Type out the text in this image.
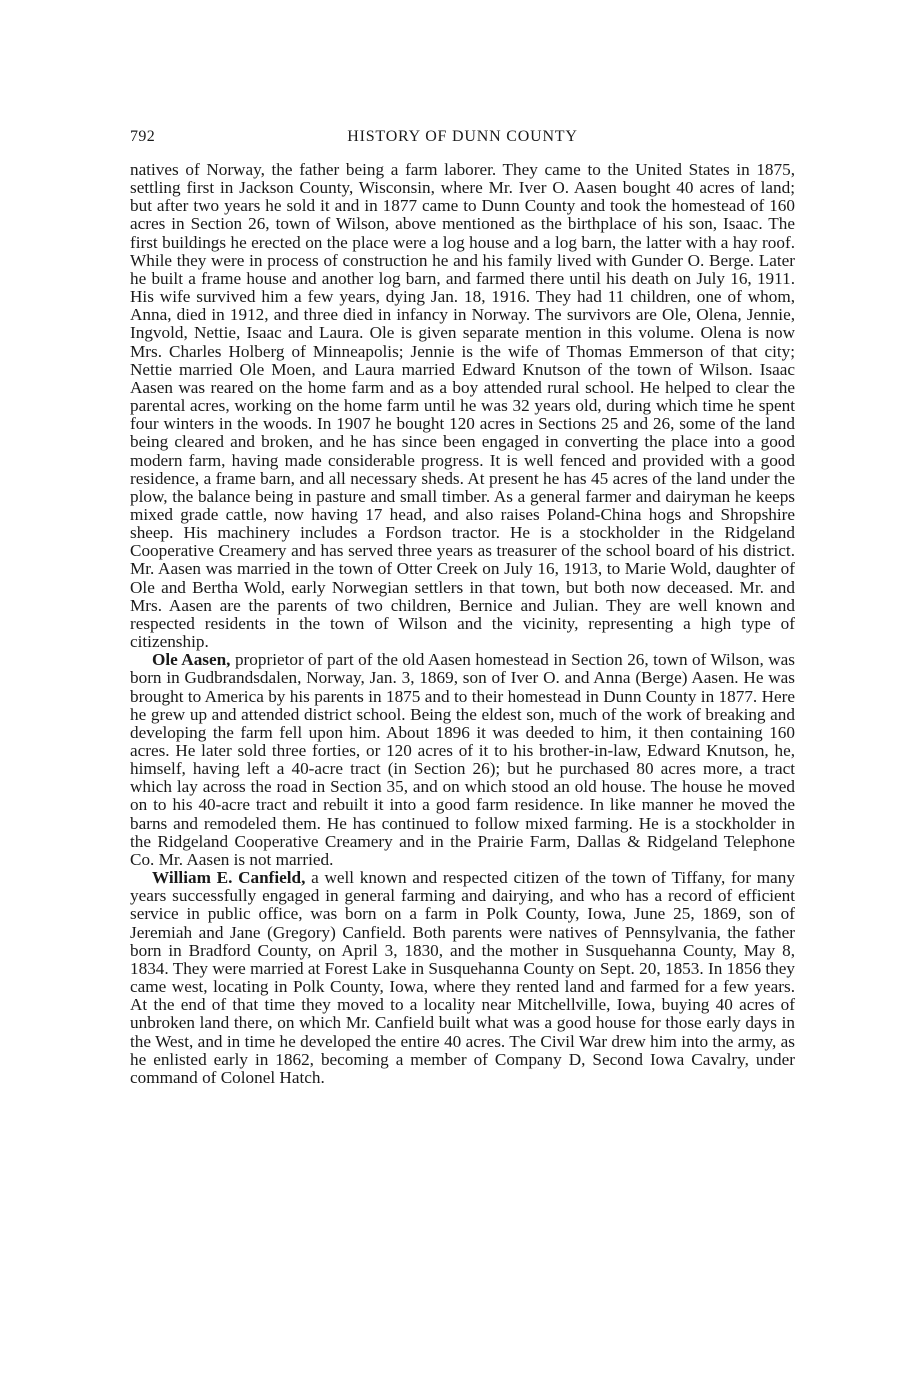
792	HISTORY OF DUNN COUNTY

natives of Norway, the father being a farm laborer. They came to the United States in 1875, settling first in Jackson County, Wisconsin, where Mr. Iver O. Aasen bought 40 acres of land; but after two years he sold it and in 1877 came to Dunn County and took the homestead of 160 acres in Section 26, town of Wilson, above mentioned as the birthplace of his son, Isaac. The first buildings he erected on the place were a log house and a log barn, the latter with a hay roof. While they were in process of construction he and his family lived with Gunder O. Berge. Later he built a frame house and another log barn, and farmed there until his death on July 16, 1911. His wife survived him a few years, dying Jan. 18, 1916. They had 11 children, one of whom, Anna, died in 1912, and three died in infancy in Norway. The survivors are Ole, Olena, Jennie, Ingvold, Nettie, Isaac and Laura. Ole is given separate mention in this volume. Olena is now Mrs. Charles Holberg of Minneapolis; Jennie is the wife of Thomas Emmerson of that city; Nettie married Ole Moen, and Laura married Edward Knutson of the town of Wilson. Isaac Aasen was reared on the home farm and as a boy attended rural school. He helped to clear the parental acres, working on the home farm until he was 32 years old, during which time he spent four winters in the woods. In 1907 he bought 120 acres in Sections 25 and 26, some of the land being cleared and broken, and he has since been engaged in converting the place into a good modern farm, having made considerable progress. It is well fenced and provided with a good residence, a frame barn, and all necessary sheds. At present he has 45 acres of the land under the plow, the balance being in pasture and small timber. As a general farmer and dairyman he keeps mixed grade cattle, now having 17 head, and also raises Poland-China hogs and Shropshire sheep. His machinery includes a Fordson tractor. He is a stockholder in the Ridgeland Cooperative Creamery and has served three years as treasurer of the school board of his district. Mr. Aasen was married in the town of Otter Creek on July 16, 1913, to Marie Wold, daughter of Ole and Bertha Wold, early Norwegian settlers in that town, but both now deceased. Mr. and Mrs. Aasen are the parents of two children, Bernice and Julian. They are well known and respected residents in the town of Wilson and the vicinity, representing a high type of citizenship.

Ole Aasen, proprietor of part of the old Aasen homestead in Section 26, town of Wilson, was born in Gudbrandsdalen, Norway, Jan. 3, 1869, son of Iver O. and Anna (Berge) Aasen. He was brought to America by his parents in 1875 and to their homestead in Dunn County in 1877. Here he grew up and attended district school. Being the eldest son, much of the work of breaking and developing the farm fell upon him. About 1896 it was deeded to him, it then containing 160 acres. He later sold three forties, or 120 acres of it to his brother-in-law, Edward Knutson, he, himself, having left a 40-acre tract (in Section 26); but he purchased 80 acres more, a tract which lay across the road in Section 35, and on which stood an old house. The house he moved on to his 40-acre tract and rebuilt it into a good farm residence. In like manner he moved the barns and remodeled them. He has continued to follow mixed farming. He is a stockholder in the Ridgeland Cooperative Creamery and in the Prairie Farm, Dallas & Ridgeland Telephone Co. Mr. Aasen is not married.

William E. Canfield, a well known and respected citizen of the town of Tiffany, for many years successfully engaged in general farming and dairying, and who has a record of efficient service in public office, was born on a farm in Polk County, Iowa, June 25, 1869, son of Jeremiah and Jane (Gregory) Canfield. Both parents were natives of Pennsylvania, the father born in Bradford County, on April 3, 1830, and the mother in Susquehanna County, May 8, 1834. They were married at Forest Lake in Susquehanna County on Sept. 20, 1853. In 1856 they came west, locating in Polk County, Iowa, where they rented land and farmed for a few years. At the end of that time they moved to a locality near Mitchellville, Iowa, buying 40 acres of unbroken land there, on which Mr. Canfield built what was a good house for those early days in the West, and in time he developed the entire 40 acres. The Civil War drew him into the army, as he enlisted early in 1862, becoming a member of Company D, Second Iowa Cavalry, under command of Colonel Hatch.
